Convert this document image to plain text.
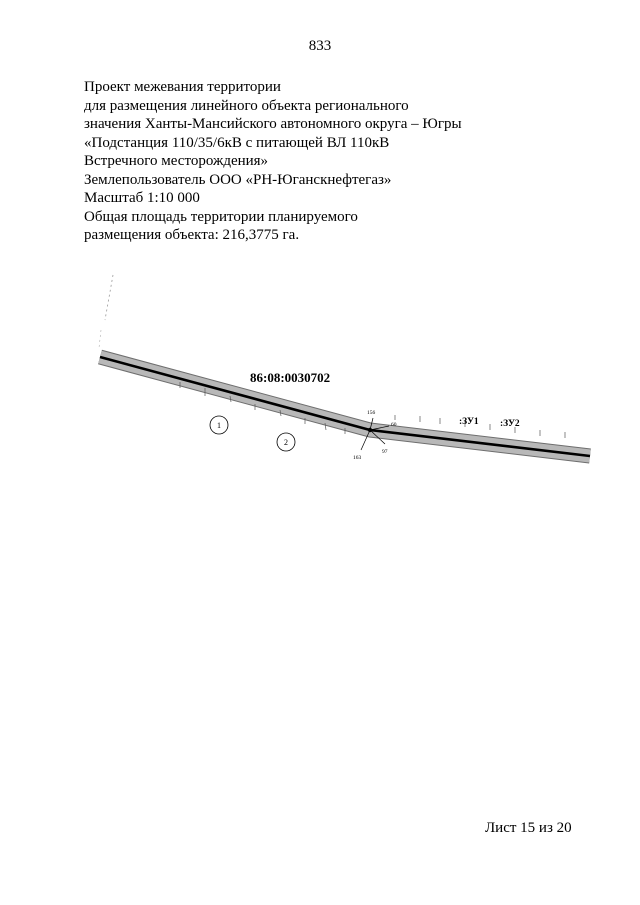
833
Проект межевания территории
для размещения линейного объекта регионального
значения Ханты-Мансийского автономного округа – Югры
«Подстанция 110/35/6кВ с питающей ВЛ 110кВ
Встречного месторождения»
Землепользователь ООО «РН-Юганскнефтегаз»
Масштаб 1:10 000
Общая площадь территории планируемого
размещения объекта: 216,3775 га.
86:08:0030702
1
2
156
60
163
97
:ЗУ1 :ЗУ2
Лист 15 из 20
